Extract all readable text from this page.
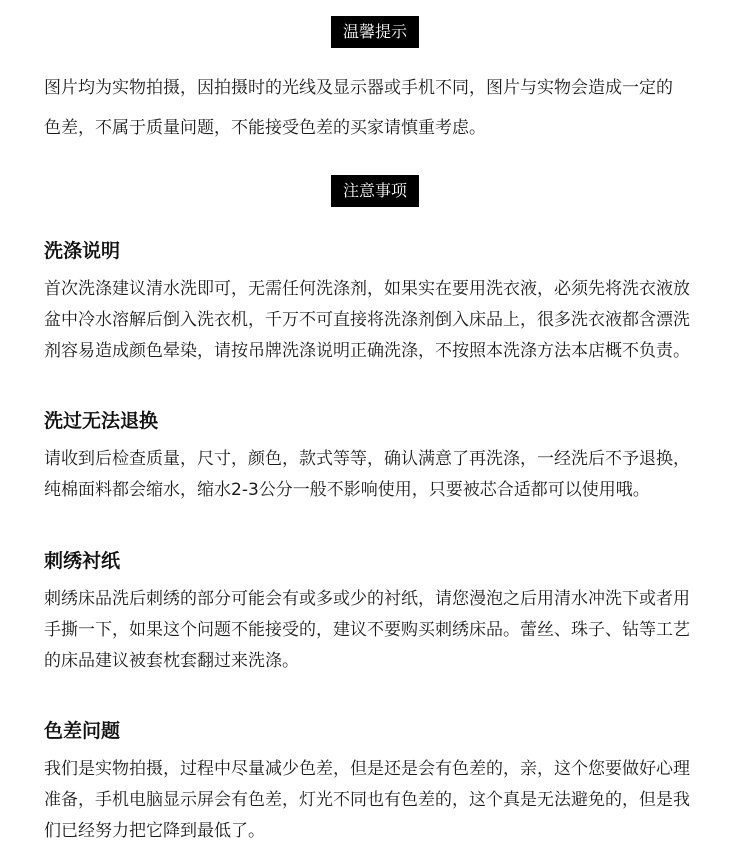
温馨提示
图片均为实物拍摄，因拍摄时的光线及显示器或手机不同，图片与实物会造成一定的
色差，不属于质量问题，不能接受色差的买家请慎重考虑。
注意事项
洗涤说明
首次洗涤建议清水洗即可，无需任何洗涤剂，如果实在要用洗衣液，必须先将洗衣液放
盆中冷水溶解后倒入洗衣机，千万不可直接将洗涤剂倒入床品上，很多洗衣液都含漂洗
剂容易造成颜色晕染，请按吊牌洗涤说明正确洗涤，不按照本洗涤方法本店概不负责。
洗过无法退换
请收到后检查质量，尺寸，颜色，款式等等，确认满意了再洗涤，一经洗后不予退换，
纯棉面料都会缩水，缩水2-3公分一般不影响使用，只要被芯合适都可以使用哦。
刺绣衬纸
刺绣床品洗后刺绣的部分可能会有或多或少的衬纸，请您漫泡之后用清水冲洗下或者用
手撕一下，如果这个问题不能接受的，建议不要购买刺绣床品。蕾丝、珠子、钻等工艺
的床品建议被套枕套翻过来洗涤。
色差问题
我们是实物拍摄，过程中尽量减少色差，但是还是会有色差的，亲，这个您要做好心理
准备，手机电脑显示屏会有色差，灯光不同也有色差的，这个真是无法避免的，但是我
们已经努力把它降到最低了。
